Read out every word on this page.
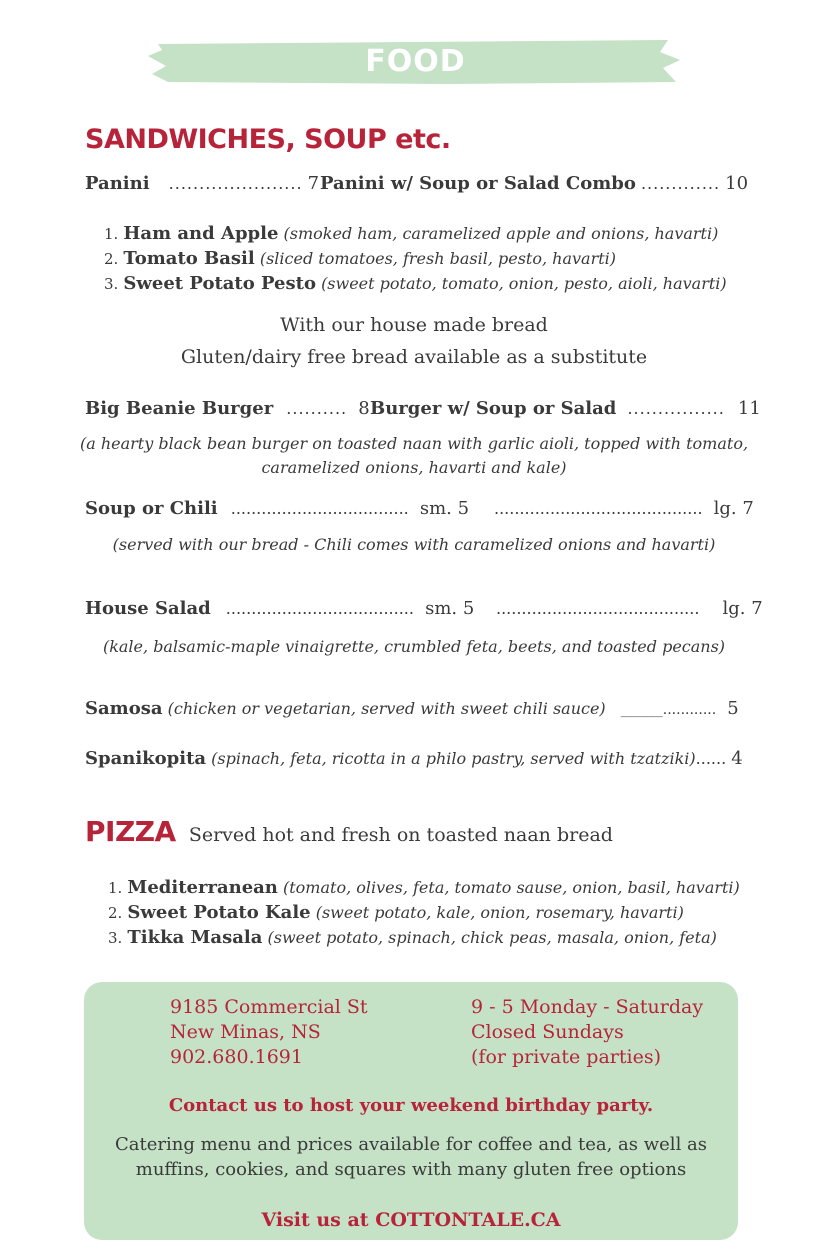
FOOD
SANDWICHES, SOUP etc.
Panini ...................... 7 Panini w/ Soup or Salad Combo ............. 10
1. Ham and Apple (smoked ham, caramelized apple and onions, havarti)
2. Tomato Basil (sliced tomatoes, fresh basil, pesto, havarti)
3. Sweet Potato Pesto (sweet potato, tomato, onion, pesto, aioli, havarti)
With our house made bread
Gluten/dairy free bread available as a substitute
Big Beanie Burger .......... 8 Burger w/ Soup or Salad ................ 11
(a hearty black bean burger on toasted naan with garlic aioli, topped with tomato,
caramelized onions, havarti and kale)
Soup or Chili ................................... sm. 5 ......................................... lg. 7
(served with our bread - Chili comes with caramelized onions and havarti)
House Salad ..................................... sm. 5 ........................................ lg. 7
(kale, balsamic-maple vinaigrette, crumbled feta, beets, and toasted pecans)
Samosa (chicken or vegetarian, served with sweet chili sauce) ______............ 5
Spanikopita (spinach, feta, ricotta in a philo pastry, served with tzatziki)...... 4
PIZZA Served hot and fresh on toasted naan bread
1. Mediterranean (tomato, olives, feta, tomato sause, onion, basil, havarti)
2. Sweet Potato Kale (sweet potato, kale, onion, rosemary, havarti)
3. Tikka Masala (sweet potato, spinach, chick peas, masala, onion, feta)
9185 Commercial St
New Minas, NS
902.680.1691
9 - 5 Monday - Saturday
Closed Sundays
(for private parties)
Contact us to host your weekend birthday party.
Catering menu and prices available for coffee and tea, as well as
muffins, cookies, and squares with many gluten free options
Visit us at COTTONTALE.CA
